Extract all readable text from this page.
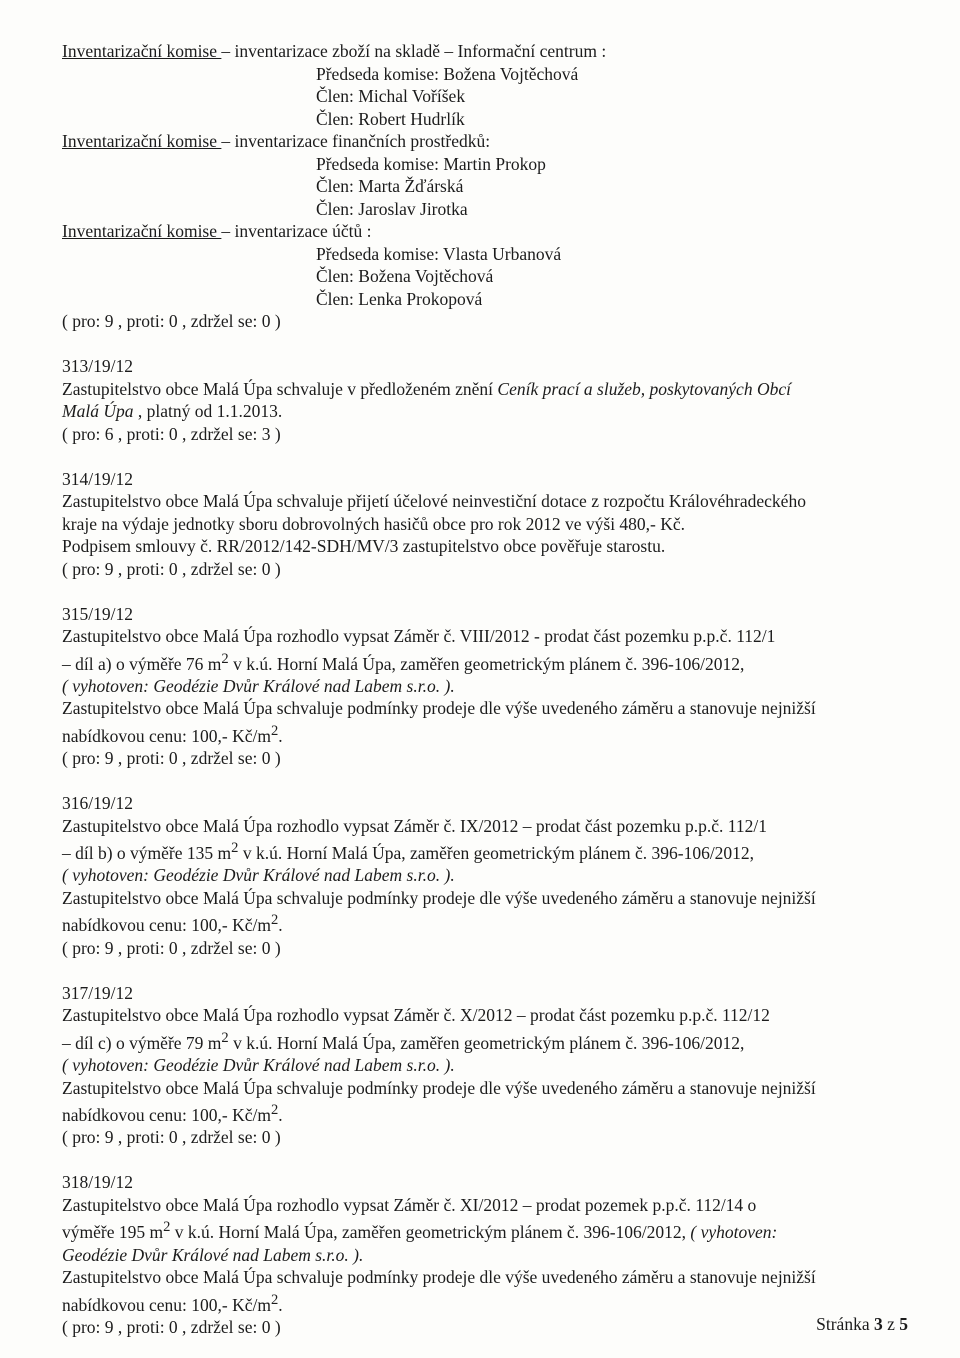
Inventarizační komise – inventarizace zboží na skladě – Informační centrum :
Předseda komise: Božena Vojtěchová
Člen: Michal Voříšek
Člen: Robert Hudrlík
Inventarizační komise – inventarizace finančních prostředků:
Předseda komise: Martin Prokop
Člen: Marta Žďárská
Člen: Jaroslav Jirotka
Inventarizační komise – inventarizace účtů :
Předseda komise: Vlasta Urbanová
Člen: Božena Vojtěchová
Člen: Lenka Prokopová
( pro: 9 , proti: 0 , zdržel se: 0 )
313/19/12
Zastupitelstvo obce Malá Úpa schvaluje v předloženém znění Ceník prací a služeb, poskytovaných Obcí
Malá Úpa , platný od 1.1.2013.
( pro: 6 , proti: 0 , zdržel se: 3 )
314/19/12
Zastupitelstvo obce Malá Úpa schvaluje přijetí účelové neinvestiční dotace z rozpočtu Královéhradeckého
kraje na výdaje jednotky sboru dobrovolných hasičů obce pro rok 2012 ve výši 480,- Kč.
Podpisem smlouvy č. RR/2012/142-SDH/MV/3 zastupitelstvo obce pověřuje starostu.
( pro: 9 , proti: 0 , zdržel se: 0 )
315/19/12
Zastupitelstvo obce Malá Úpa rozhodlo vypsat Záměr č. VIII/2012 - prodat část pozemku p.p.č. 112/1
– díl a) o výměře 76 $m^2$ v k.ú. Horní Malá Úpa, zaměřen geometrickým plánem č. 396-106/2012,
( vyhotoven: Geodézie Dvůr Králové nad Labem s.r.o. ).
Zastupitelstvo obce Malá Úpa schvaluje podmínky prodeje dle výše uvedeného záměru a stanovuje nejnižší
nabídkovou cenu: 100,- $Kč/m^2$.
( pro: 9 , proti: 0 , zdržel se: 0 )
316/19/12
Zastupitelstvo obce Malá Úpa rozhodlo vypsat Záměr č. IX/2012 – prodat část pozemku p.p.č. 112/1
– díl b) o výměře 135 $m^2$ v k.ú. Horní Malá Úpa, zaměřen geometrickým plánem č. 396-106/2012,
( vyhotoven: Geodézie Dvůr Králové nad Labem s.r.o. ).
Zastupitelstvo obce Malá Úpa schvaluje podmínky prodeje dle výše uvedeného záměru a stanovuje nejnižší
nabídkovou cenu: 100,- $Kč/m^2$.
( pro: 9 , proti: 0 , zdržel se: 0 )
317/19/12
Zastupitelstvo obce Malá Úpa rozhodlo vypsat Záměr č. X/2012 – prodat část pozemku p.p.č. 112/12
– díl c) o výměře 79 $m^2$ v k.ú. Horní Malá Úpa, zaměřen geometrickým plánem č. 396-106/2012,
( vyhotoven: Geodézie Dvůr Králové nad Labem s.r.o. ).
Zastupitelstvo obce Malá Úpa schvaluje podmínky prodeje dle výše uvedeného záměru a stanovuje nejnižší
nabídkovou cenu: 100,- $Kč/m^2$.
( pro: 9 , proti: 0 , zdržel se: 0 )
318/19/12
Zastupitelstvo obce Malá Úpa rozhodlo vypsat Záměr č. XI/2012 – prodat pozemek p.p.č. 112/14 o
výměře 195 $m^2$ v k.ú. Horní Malá Úpa, zaměřen geometrickým plánem č. 396-106/2012, ( vyhotoven:
Geodézie Dvůr Králové nad Labem s.r.o. ).
Zastupitelstvo obce Malá Úpa schvaluje podmínky prodeje dle výše uvedeného záměru a stanovuje nejnižší
nabídkovou cenu: 100,- $Kč/m^2$.
( pro: 9 , proti: 0 , zdržel se: 0 )	Stránka 3 z 5
